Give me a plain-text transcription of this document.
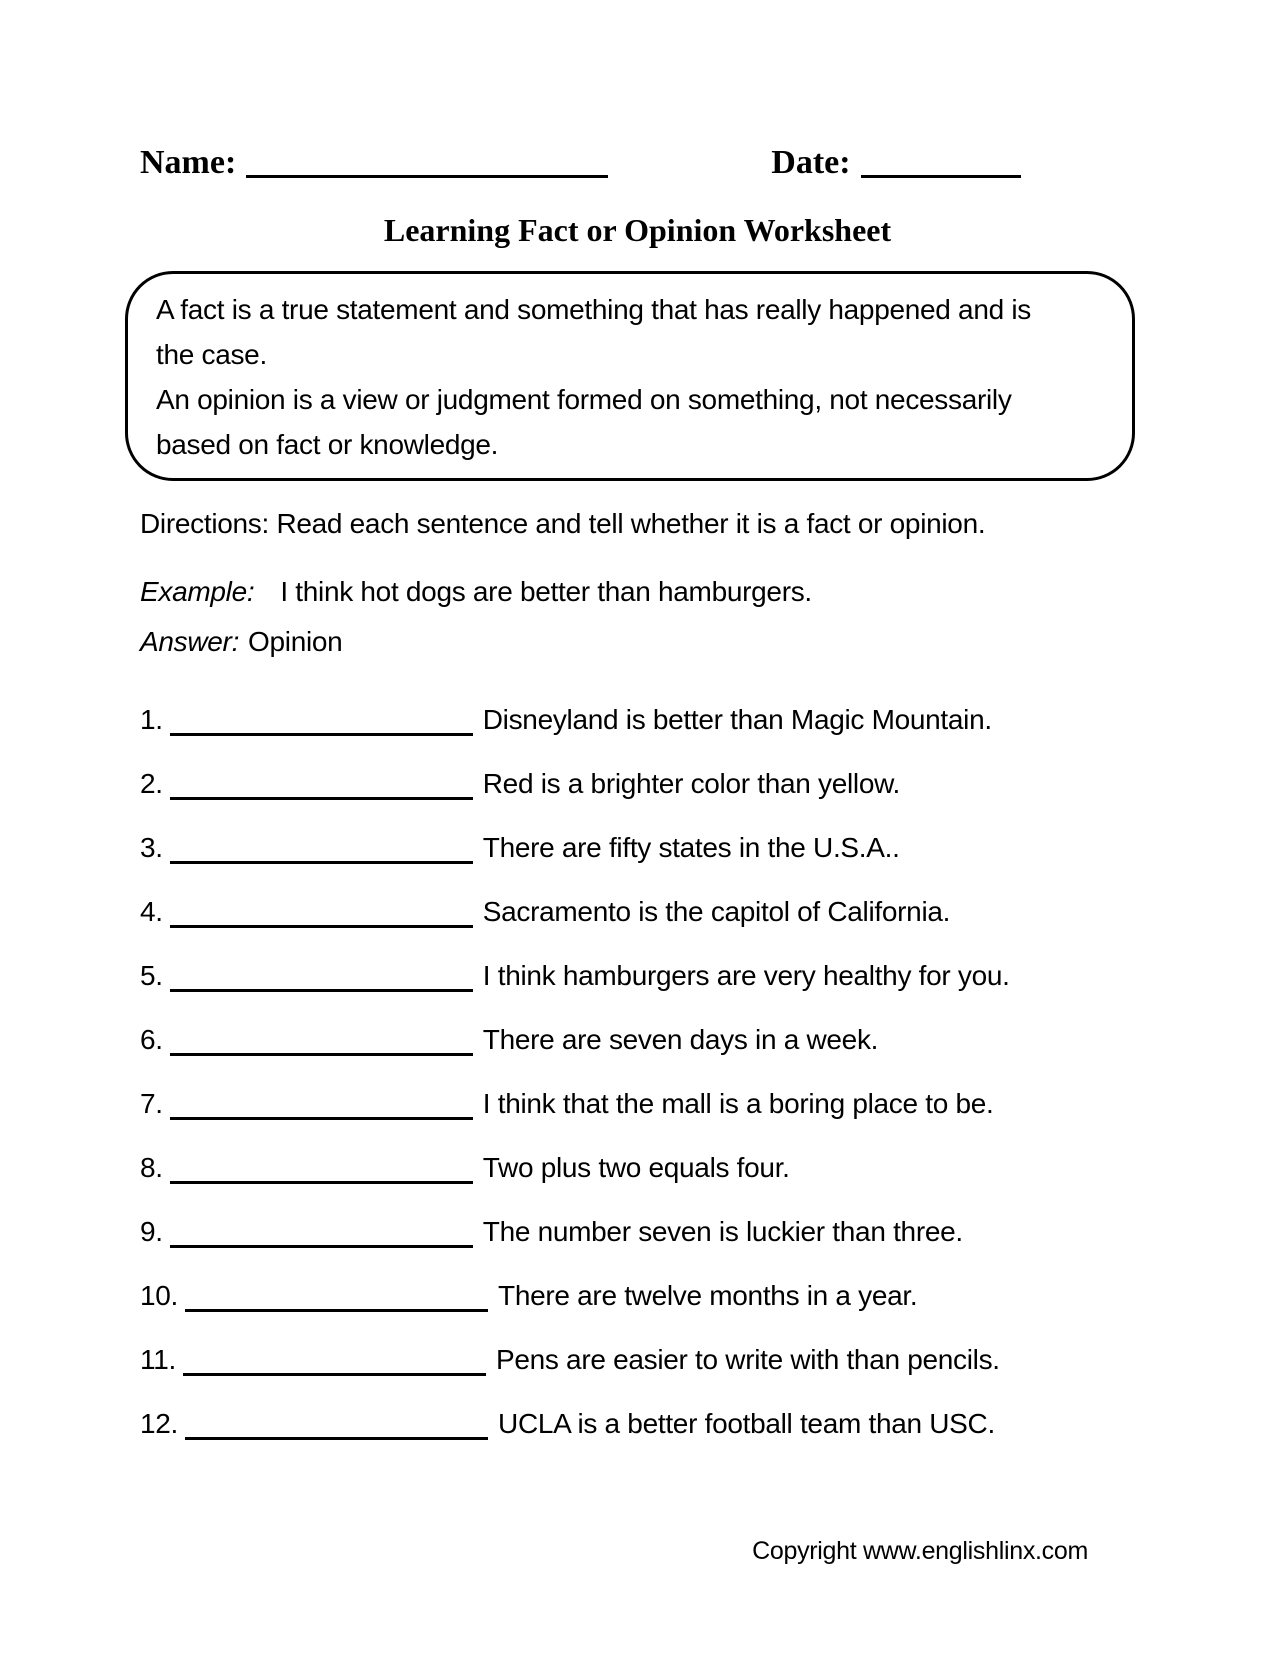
Name:	Date:
Learning Fact or Opinion Worksheet
A fact is a true statement and something that has really happened and is
the case.
An opinion is a view or judgment formed on something, not necessarily
based on fact or knowledge.
Directions: Read each sentence and tell whether it is a fact or opinion.
Example: I think hot dogs are better than hamburgers.
Answer: Opinion
1.	Disneyland is better than Magic Mountain.
2.	Red is a brighter color than yellow.
3.	There are fifty states in the U.S.A..
4.	Sacramento is the capitol of California.
5.	I think hamburgers are very healthy for you.
6.	There are seven days in a week.
7.	I think that the mall is a boring place to be.
8.	Two plus two equals four.
9.	The number seven is luckier than three.
10.	There are twelve months in a year.
11.	Pens are easier to write with than pencils.
12.	UCLA is a better football team than USC.
Copyright www.englishlinx.com
